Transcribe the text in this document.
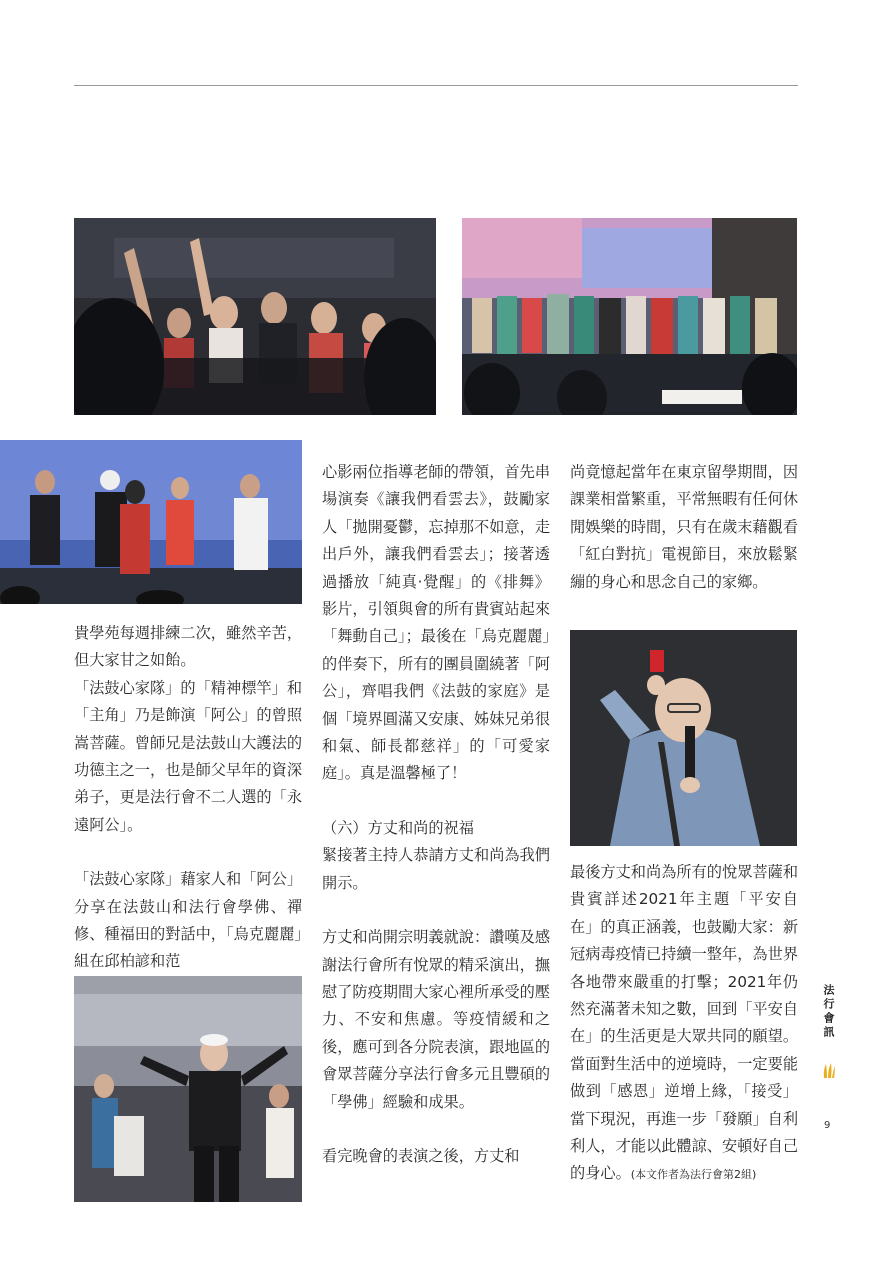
貴學苑每週排練二次，雖然辛苦，但大家甘之如飴。

「法鼓心家隊」的「精神標竿」和「主角」乃是飾演「阿公」的曾照嵩菩薩。曾師兄是法鼓山大護法的功德主之一，也是師父早年的資深弟子，更是法行會不二人選的「永遠阿公」。

「法鼓心家隊」藉家人和「阿公」分享在法鼓山和法行會學佛、禪修、種福田的對話中，「烏克麗麗」組在邱柏諺和范

心影兩位指導老師的帶領，首先串場演奏《讓我們看雲去》，鼓勵家人「拋開憂鬱，忘掉那不如意，走出戶外，讓我們看雲去」；接著透過播放「純真·覺醒」的《排舞》影片，引領與會的所有貴賓站起來「舞動自己」；最後在「烏克麗麗」的伴奏下，所有的團員圍繞著「阿公」，齊唱我們《法鼓的家庭》是個「境界圓滿又安康、姊妹兄弟很和氣、師長都慈祥」的「可愛家庭」。真是溫馨極了！

（六）方丈和尚的祝福

緊接著主持人恭請方丈和尚為我們開示。

方丈和尚開宗明義就說：讚嘆及感謝法行會所有悅眾的精采演出，撫慰了防疫期間大家心裡所承受的壓力、不安和焦慮。等疫情緩和之後，應可到各分院表演，跟地區的會眾菩薩分享法行會多元且豐碩的「學佛」經驗和成果。

看完晚會的表演之後，方丈和

尚竟憶起當年在東京留學期間，因課業相當繁重，平常無暇有任何休閒娛樂的時間，只有在歲末藉觀看「紅白對抗」電視節目，來放鬆緊繃的身心和思念自己的家鄉。

最後方丈和尚為所有的悅眾菩薩和貴賓詳述2021年主題「平安自在」的真正涵義，也鼓勵大家：新冠病毒疫情已持續一整年，為世界各地帶來嚴重的打擊；2021年仍然充滿著未知之數，回到「平安自在」的生活更是大眾共同的願望。當面對生活中的逆境時，一定要能做到「感恩」逆增上緣，「接受」當下現況，再進一步「發願」自利利人，才能以此體諒、安頓好自己的身心。(本文作者為法行會第2組)

法行會訊
9
